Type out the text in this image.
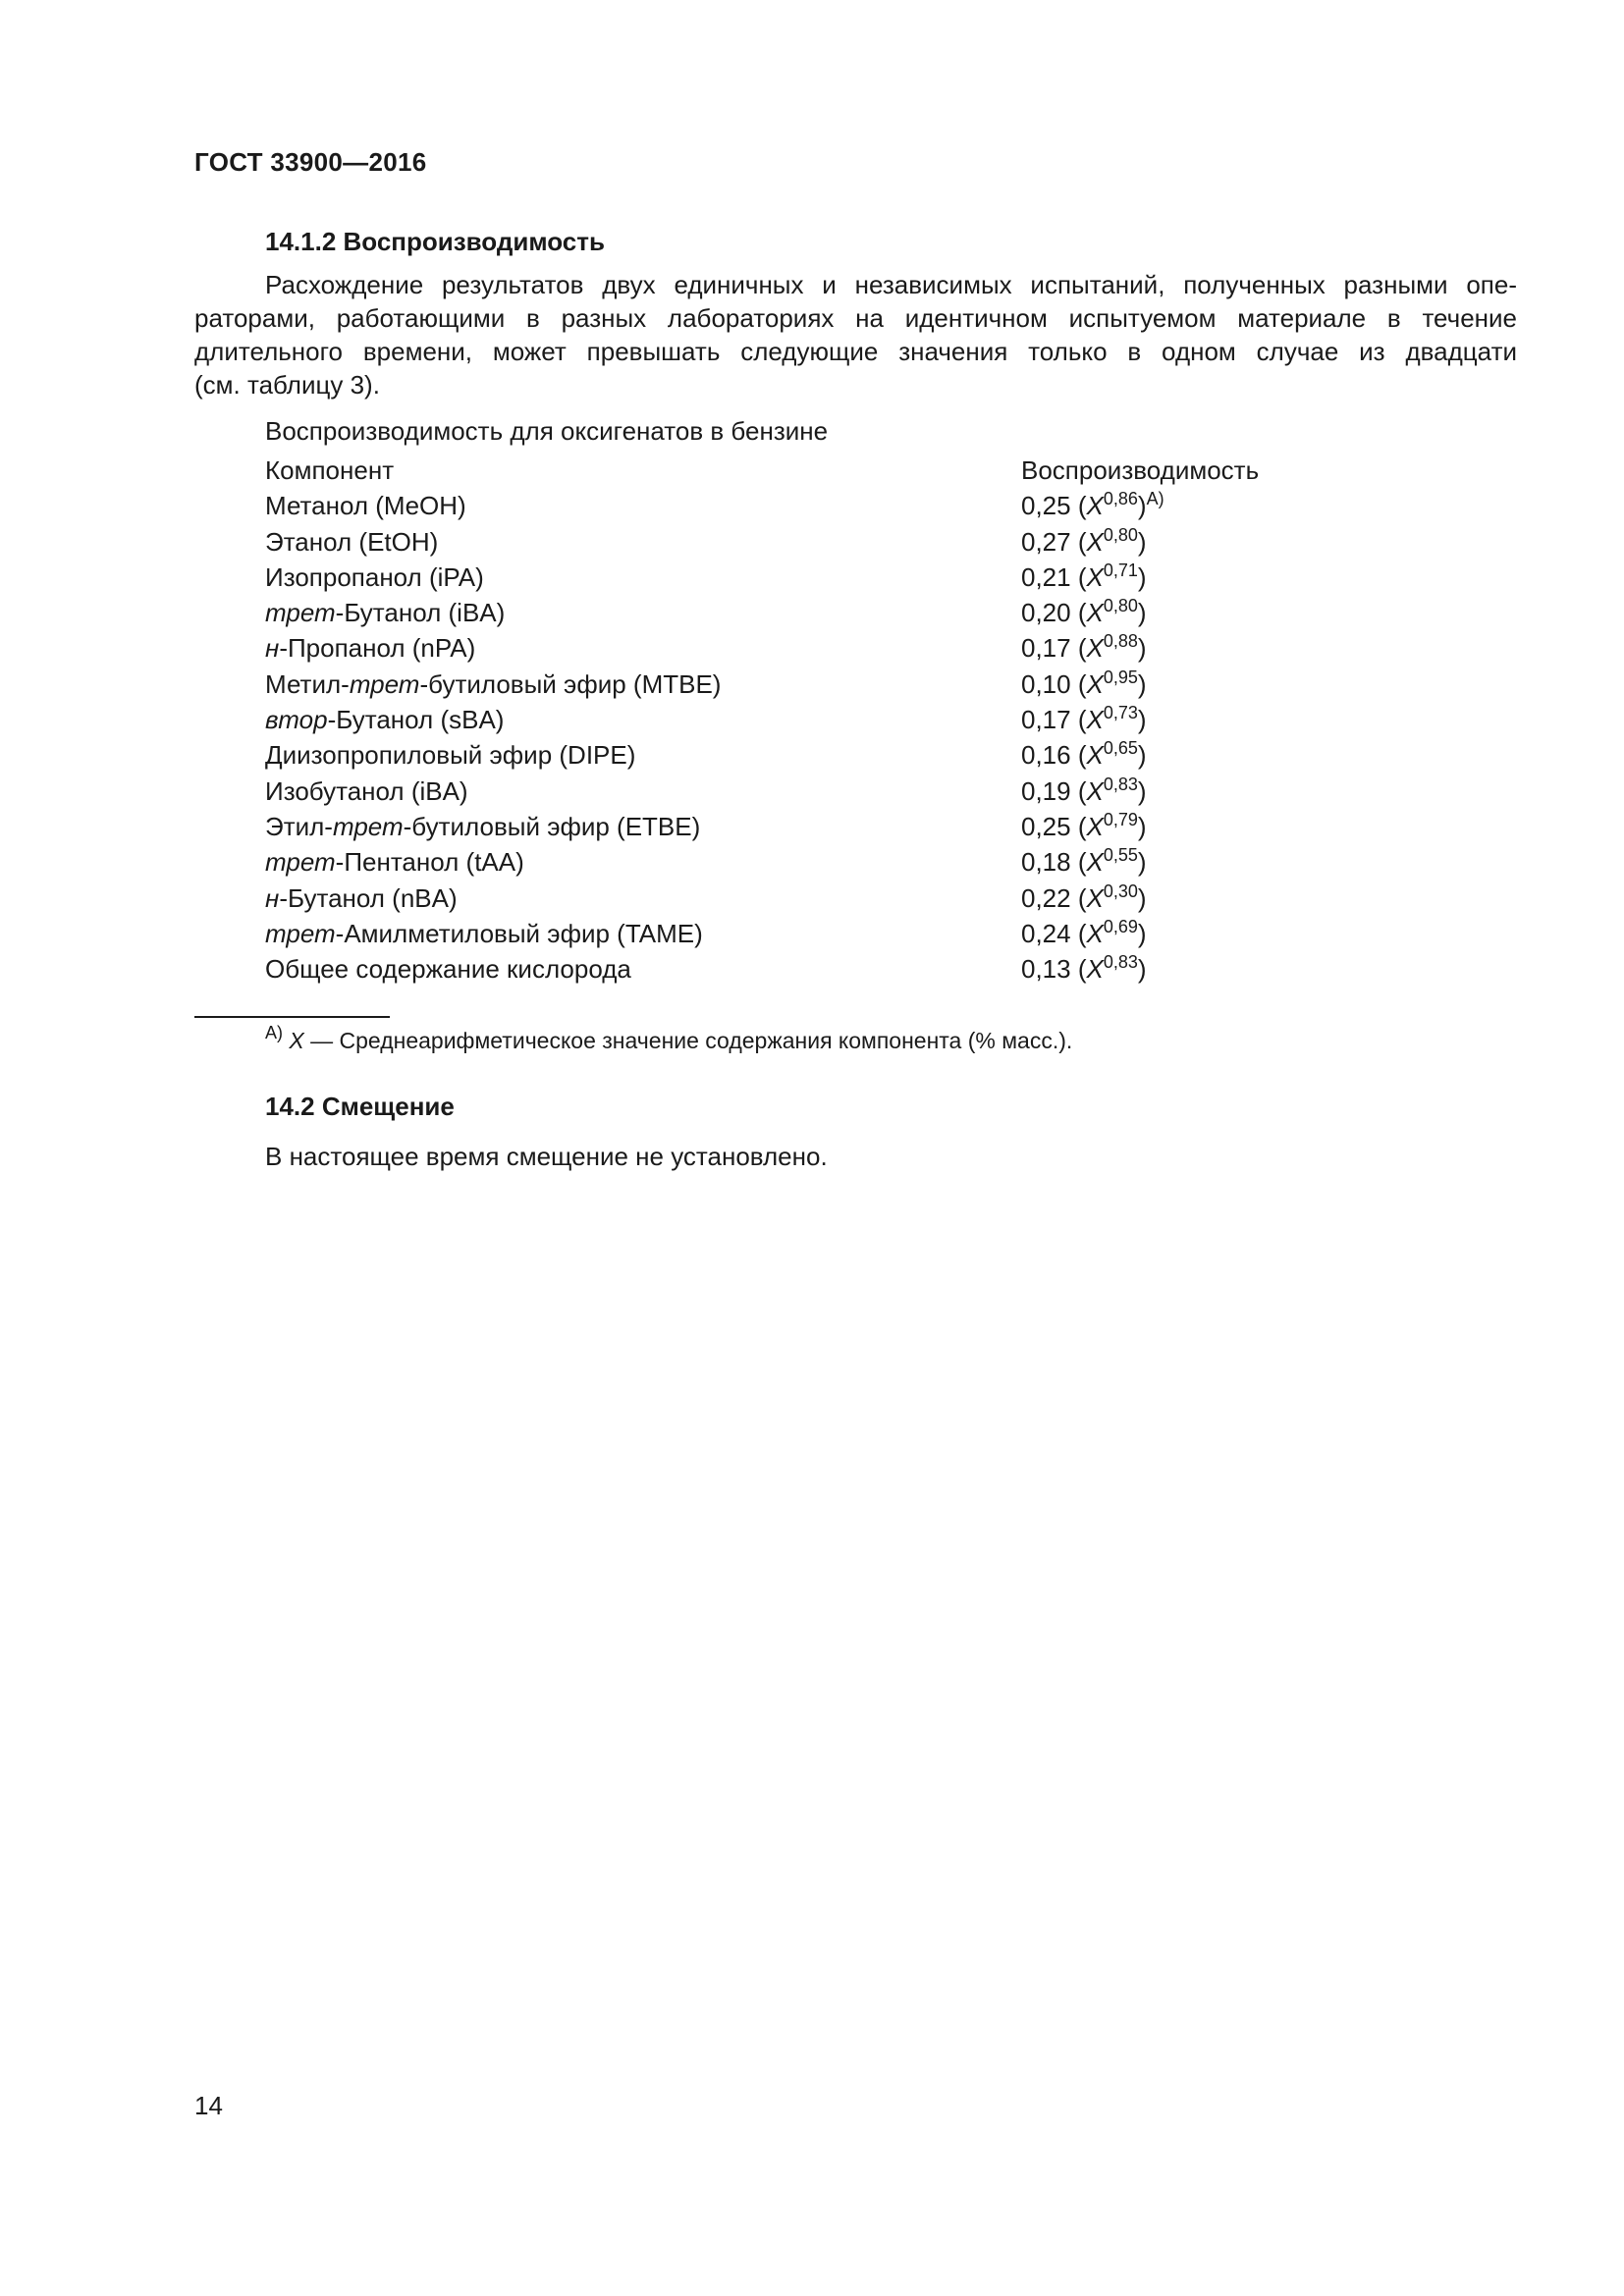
ГОСТ 33900—2016
14.1.2 Воспроизводимость
Расхождение результатов двух единичных и независимых испытаний, полученных разными опе-
раторами, работающими в разных лабораториях на идентичном испытуемом материале в течение
длительного времени, может превышать следующие значения только в одном случае из двадцати
(см. таблицу 3).
Воспроизводимость для оксигенатов в бензине
Компонент	Воспроизводимость
Метанол (MeOH)	0,25 $(X^{0,86})^{A)}$
Этанол (EtOH)	0,27 $(X^{0,80})$
Изопропанол (iPA)	0,21 $(X^{0,71})$
трет-Бутанол (iBA)	0,20 $(X^{0,80})$
н-Пропанол (nPA)	0,17 $(X^{0,88})$
Метил-трет-бутиловый эфир (MTBE)	0,10 $(X^{0,95})$
втор-Бутанол (sBA)	0,17 $(X^{0,73})$
Диизопропиловый эфир (DIPE)	0,16 $(X^{0,65})$
Изобутанол (iBA)	0,19 $(X^{0,83})$
Этил-трет-бутиловый эфир (ETBE)	0,25 $(X^{0,79})$
трет-Пентанол (tAA)	0,18 $(X^{0,55})$
н-Бутанол (nBA)	0,22 $(X^{0,30})$
трет-Амилметиловый эфир (TAME)	0,24 $(X^{0,69})$
Общее содержание кислорода	0,13 $(X^{0,83})$
$^{A)}$ X — Среднеарифметическое значение содержания компонента (% масс.).
14.2 Смещение
В настоящее время смещение не установлено.
14
